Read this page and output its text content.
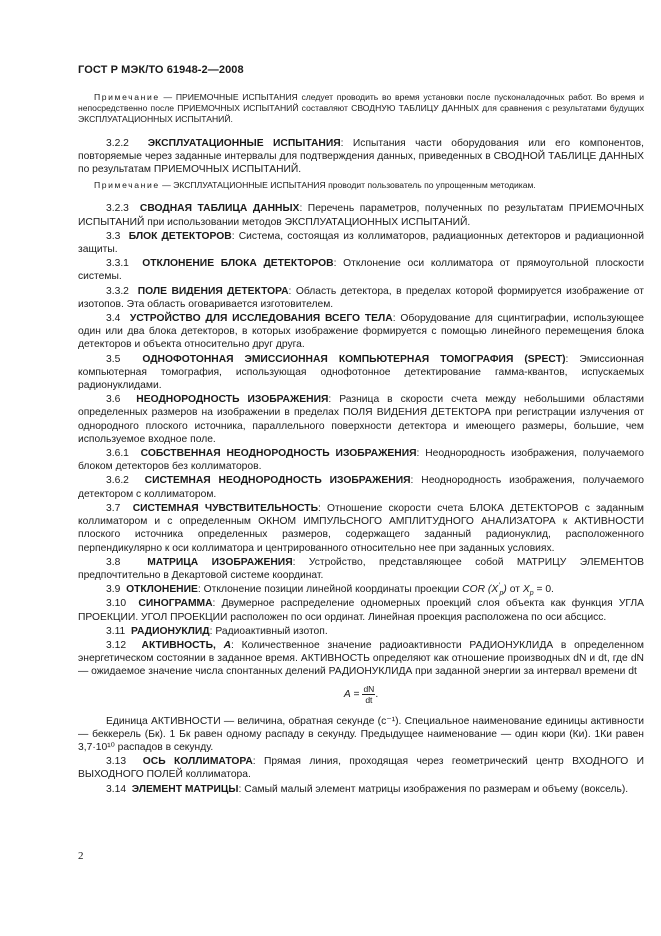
ГОСТ Р МЭК/ТО 61948-2—2008

Примечание — ПРИЕМОЧНЫЕ ИСПЫТАНИЯ следует проводить во время установки после пусконаладочных работ. Во время и непосредственно после ПРИЕМОЧНЫХ ИСПЫТАНИЙ составляют СВОДНУЮ ТАБЛИЦУ ДАННЫХ для сравнения с результатами будущих ЭКСПЛУАТАЦИОННЫХ ИСПЫТАНИЙ.

3.2.2 ЭКСПЛУАТАЦИОННЫЕ ИСПЫТАНИЯ: Испытания части оборудования или его компонентов, повторяемые через заданные интервалы для подтверждения данных, приведенных в СВОДНОЙ ТАБЛИЦЕ ДАННЫХ по результатам ПРИЕМОЧНЫХ ИСПЫТАНИЙ.

Примечание — ЭКСПЛУАТАЦИОННЫЕ ИСПЫТАНИЯ проводит пользователь по упрощенным методикам.

3.2.3 СВОДНАЯ ТАБЛИЦА ДАННЫХ: Перечень параметров, полученных по результатам ПРИЕМОЧНЫХ ИСПЫТАНИЙ при использовании методов ЭКСПЛУАТАЦИОННЫХ ИСПЫТАНИЙ.

3.3 БЛОК ДЕТЕКТОРОВ: Система, состоящая из коллиматоров, радиационных детекторов и радиационной защиты.

3.3.1 ОТКЛОНЕНИЕ БЛОКА ДЕТЕКТОРОВ: Отклонение оси коллиматора от прямоугольной плоскости системы.

3.3.2 ПОЛЕ ВИДЕНИЯ ДЕТЕКТОРА: Область детектора, в пределах которой формируется изображение от изотопов. Эта область оговаривается изготовителем.

3.4 УСТРОЙСТВО ДЛЯ ИССЛЕДОВАНИЯ ВСЕГО ТЕЛА: Оборудование для сцинтиграфии, использующее один или два блока детекторов, в которых изображение формируется с помощью линейного перемещения блока детекторов и объекта относительно друг друга.

3.5 ОДНОФОТОННАЯ ЭМИССИОННАЯ КОМПЬЮТЕРНАЯ ТОМОГРАФИЯ (SPECT): Эмиссионная компьютерная томография, использующая однофотонное детектирование гамма-квантов, испускаемых радионуклидами.

3.6 НЕОДНОРОДНОСТЬ ИЗОБРАЖЕНИЯ: Разница в скорости счета между небольшими областями определенных размеров на изображении в пределах ПОЛЯ ВИДЕНИЯ ДЕТЕКТОРА при регистрации излучения от однородного плоского источника, параллельного поверхности детектора и имеющего размеры, большие, чем используемое входное поле.

3.6.1 СОБСТВЕННАЯ НЕОДНОРОДНОСТЬ ИЗОБРАЖЕНИЯ: Неоднородность изображения, получаемого блоком детекторов без коллиматоров.

3.6.2 СИСТЕМНАЯ НЕОДНОРОДНОСТЬ ИЗОБРАЖЕНИЯ: Неоднородность изображения, получаемого детектором с коллиматором.

3.7 СИСТЕМНАЯ ЧУВСТВИТЕЛЬНОСТЬ: Отношение скорости счета БЛОКА ДЕТЕКТОРОВ с заданным коллиматором и с определенным ОКНОМ ИМПУЛЬСНОГО АМПЛИТУДНОГО АНАЛИЗАТОРА к АКТИВНОСТИ плоского источника определенных размеров, содержащего заданный радионуклид, расположенного перпендикулярно к оси коллиматора и центрированного относительно нее при заданных условиях.

3.8	МАТРИЦА ИЗОБРАЖЕНИЯ: Устройство, представляющее собой МАТРИЦУ ЭЛЕМЕНТОВ предпочтительно в Декартовой системе координат.

3.9 ОТКЛОНЕНИЕ: Отклонение позиции линейной координаты проекции COR $(X'_p)$ от $X_p = 0$.

3.10 СИНОГРАММА: Двумерное распределение одномерных проекций слоя объекта как функция УГЛА ПРОЕКЦИИ. УГОЛ ПРОЕКЦИИ расположен по оси ординат. Линейная проекция расположена по оси абсцисс.

3.11 РАДИОНУКЛИД: Радиоактивный изотоп.

3.12 АКТИВНОСТЬ, A: Количественное значение радиоактивности РАДИОНУКЛИДА в определенном энергетическом состоянии в заданное время. АКТИВНОСТЬ определяют как отношение производных dN и dt, где dN — ожидаемое значение числа спонтанных делений РАДИОНУКЛИДА при заданной энергии за интервал времени dt

$A = \frac{dN}{dt}$ .

Единица АКТИВНОСТИ — величина, обратная секунде (с⁻¹). Специальное наименование единицы активности — беккерель (Бк). 1 Бк равен одному распаду в секунду. Предыдущее наименование — один кюри (Ки). 1Ки равен 3,7·10¹⁰ распадов в секунду.

3.13 ОСЬ КОЛЛИМАТОРА: Прямая линия, проходящая через геометрический центр ВХОДНОГО И ВЫХОДНОГО ПОЛЕЙ коллиматора.

3.14 ЭЛЕМЕНТ МАТРИЦЫ: Самый малый элемент матрицы изображения по размерам и объему (воксель).

2
